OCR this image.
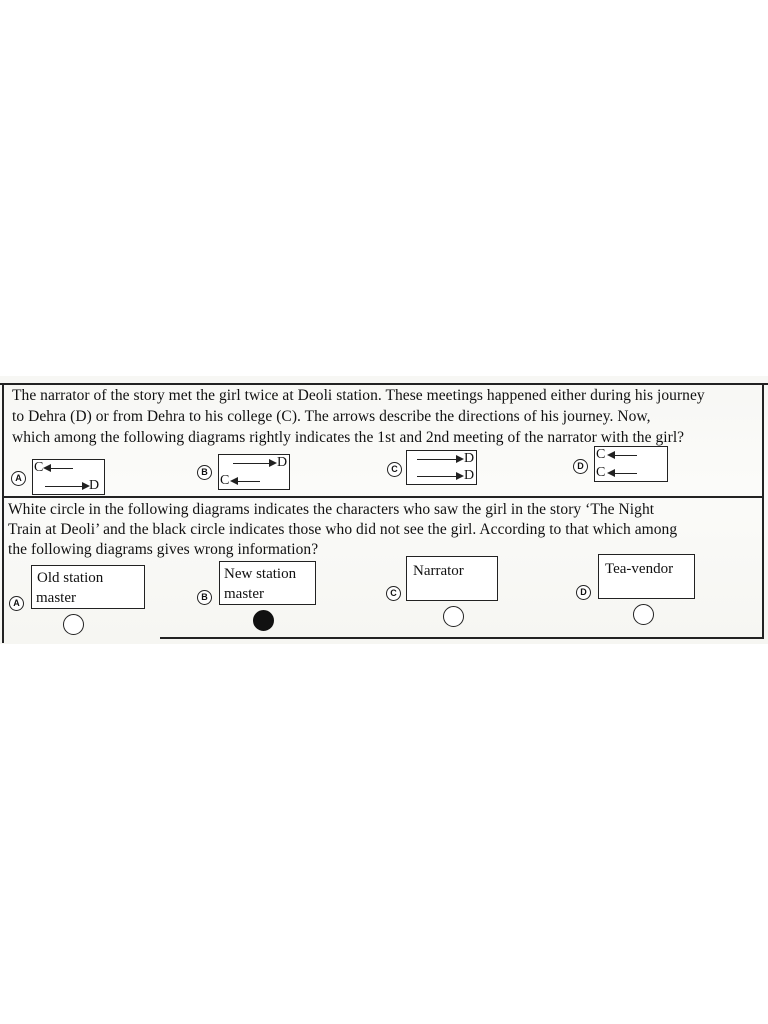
The narrator of the story met the girl twice at Deoli station. These meetings happened either during his journey
to Dehra (D) or from Dehra to his college (C). The arrows describe the directions of his journey. Now,
which among the following diagrams rightly indicates the 1st and 2nd meeting of the narrator with the girl?
A
C
D
B
D
C
C
D
D
D
C
C
White circle in the following diagrams indicates the characters who saw the girl in the story ‘The Night
Train at Deoli’ and the black circle indicates those who did not see the girl. According to that which among
the following diagrams gives wrong information?
A
Old station
master	B
New station
master	C
Narrator
D
Tea-vendor
